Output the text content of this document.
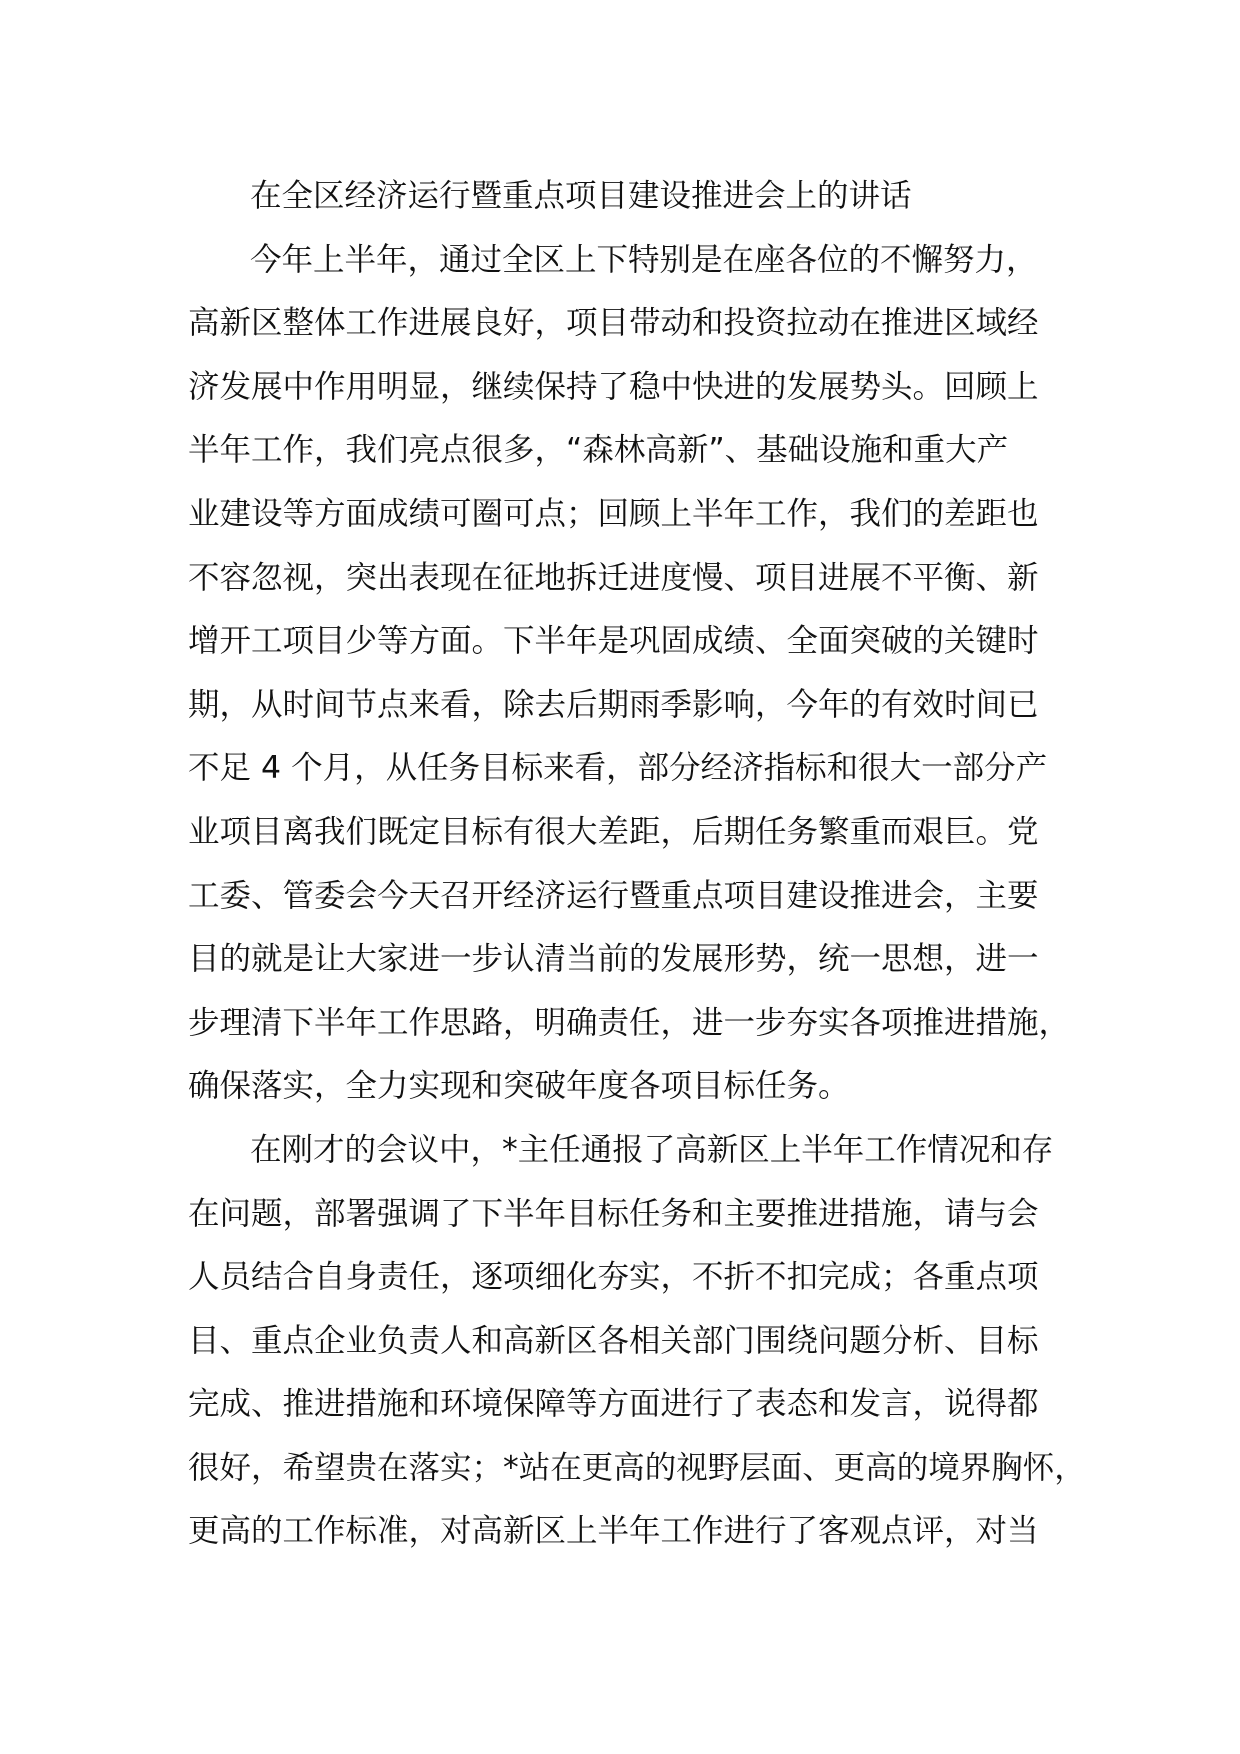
在全区经济运行暨重点项目建设推进会上的讲话
今年上半年，通过全区上下特别是在座各位的不懈努力，
高新区整体工作进展良好，项目带动和投资拉动在推进区域经
济发展中作用明显，继续保持了稳中快进的发展势头。回顾上
半年工作，我们亮点很多，“森林高新”、基础设施和重大产
业建设等方面成绩可圈可点；回顾上半年工作，我们的差距也
不容忽视，突出表现在征地拆迁进度慢、项目进展不平衡、新
增开工项目少等方面。下半年是巩固成绩、全面突破的关键时
期，从时间节点来看，除去后期雨季影响，今年的有效时间已
不足 4 个月，从任务目标来看，部分经济指标和很大一部分产
业项目离我们既定目标有很大差距，后期任务繁重而艰巨。党
工委、管委会今天召开经济运行暨重点项目建设推进会，主要
目的就是让大家进一步认清当前的发展形势，统一思想，进一
步理清下半年工作思路，明确责任，进一步夯实各项推进措施，
确保落实，全力实现和突破年度各项目标任务。
在刚才的会议中，*主任通报了高新区上半年工作情况和存
在问题，部署强调了下半年目标任务和主要推进措施，请与会
人员结合自身责任，逐项细化夯实，不折不扣完成；各重点项
目、重点企业负责人和高新区各相关部门围绕问题分析、目标
完成、推进措施和环境保障等方面进行了表态和发言，说得都
很好，希望贵在落实；*站在更高的视野层面、更高的境界胸怀，
更高的工作标准，对高新区上半年工作进行了客观点评，对当
